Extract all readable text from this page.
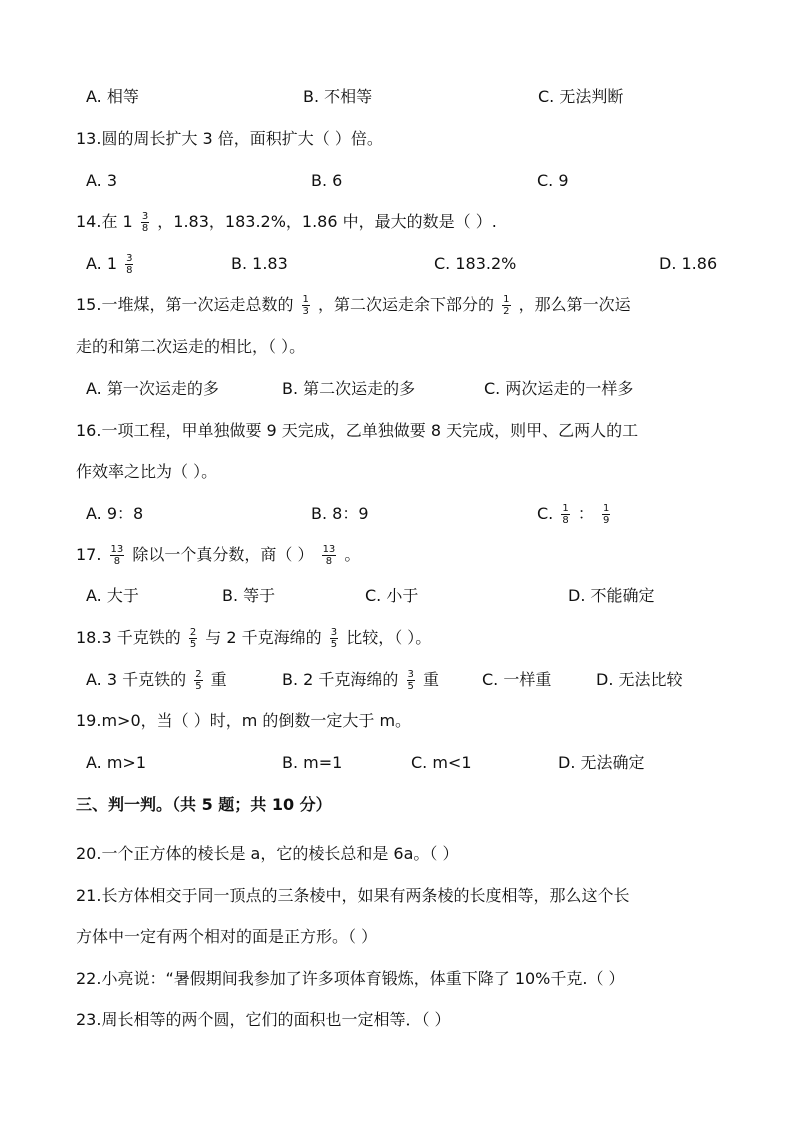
A. 相等	B. 不相等	C. 无法判断
13.圆的周长扩大 3 倍，面积扩大（ ）倍。
A. 3	B. 6	C. 9
14.在 $1 \frac{3}{8}$ ，1.83，183.2%，1.86 中，最大的数是（ ）.
A. $1 \frac{3}{8}$	B. 1.83	C. 183.2%	D. 1.86
15.一堆煤，第一次运走总数的 $\frac{1}{3}$ ，第二次运走余下部分的 $\frac{1}{2}$ ，那么第一次运
走的和第二次运走的相比，（ ）。
A. 第一次运走的多	B. 第二次运走的多	C. 两次运走的一样多
16.一项工程，甲单独做要 9 天完成，乙单独做要 8 天完成，则甲、乙两人的工
作效率之比为（ ）。
A. 9：8	B. 8：9	C. $\frac{1}{8}$ ： $\frac{1}{9}$
17. $\frac{13}{8}$ 除以一个真分数，商（ ） $\frac{13}{8}$ 。
A. 大于	B. 等于	C. 小于	D. 不能确定
18.3 千克铁的 $\frac{2}{5}$ 与 2 千克海绵的 $\frac{3}{5}$ 比较，（ ）。
A. 3 千克铁的 $\frac{2}{5}$ 重	B. 2 千克海绵的 $\frac{3}{5}$ 重	C. 一样重	D. 无法比较
19.m>0，当（ ）时，m 的倒数一定大于 m。
A. m>1	B. m=1	C. m<1	D. 无法确定
三、判一判。（共 5 题；共 10 分）
20.一个正方体的棱长是 a，它的棱长总和是 6a。（ ）
21.长方体相交于同一顶点的三条棱中，如果有两条棱的长度相等，那么这个长
方体中一定有两个相对的面是正方形。（ ）
22.小亮说：“暑假期间我参加了许多项体育锻炼，体重下降了 10%千克.（ ）
23.周长相等的两个圆，它们的面积也一定相等．（ ）
